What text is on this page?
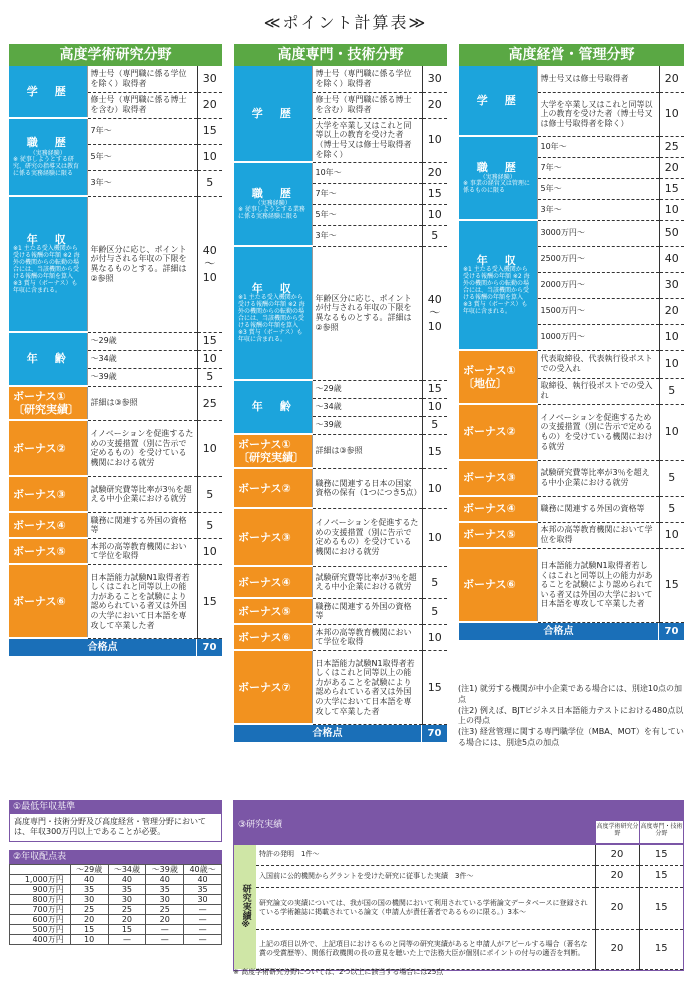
≪ポイント計算表≫
高度学術研究分野
学　歴	博士号（専門職に係る学位を除く）取得者	30
	修士号（専門職に係る博士を含む）取得者	20

職　歴
（実務経験）
※ 従事しようとする研究、研究の指導又は教育に係る実務経験に限る	7年〜	15
	5年〜	10
	3年〜	5

年　収
※1 主たる受入機関から受ける報酬の年額 ※2 海外の機関からの転勤の場合には、当該機関から受ける報酬の年額を算入 ※3 賞与（ボーナス）も年収に含まれる。	年齢区分に応じ、ポイントが付与される年収の下限を異なるものとする。詳細は②参照	40
〜
10

年　齢	〜29歳	15
	〜34歳	10
	〜39歳	5

ボーナス①
〔研究実績〕	詳細は③参照	25

ボーナス②	イノベーションを促進するための支援措置（別に告示で定めるもの）を受けている機関における就労	10

ボーナス③	試験研究費等比率が3％を超える中小企業における就労	5

ボーナス④	職務に関連する外国の資格等	5

ボーナス⑤	本邦の高等教育機関において学位を取得	10

ボーナス⑥	日本語能力試験N1取得者若しくはこれと同等以上の能力があることを試験により認められている者又は外国の大学において日本語を専攻して卒業した者	15
合格点	70
高度専門・技術分野
学　歴	博士号（専門職に係る学位を除く）取得者	30
	修士号（専門職に係る博士を含む）取得者	20
	大学を卒業し又はこれと同等以上の教育を受けた者（博士号又は修士号取得者を除く）	10

職　歴
（実務経験）
※ 従事しようとする業務に係る実務経験に限る	10年〜	20
	7年〜	15
	5年〜	10
	3年〜	5

年　収
※1 主たる受入機関から受ける報酬の年額 ※2 海外の機関からの転勤の場合には、当該機関から受ける報酬の年額を算入 ※3 賞与（ボーナス）も年収に含まれる。	年齢区分に応じ、ポイントが付与される年収の下限を異なるものとする。詳細は②参照	40
〜
10

年　齢	〜29歳	15
	〜34歳	10
	〜39歳	5

ボーナス①
〔研究実績〕	詳細は③参照	15

ボーナス②	職務に関連する日本の国家資格の保有（1つにつき5点）	10

ボーナス③	イノベーションを促進するための支援措置（別に告示で定めるもの）を受けている機関における就労	10

ボーナス④	試験研究費等比率が3％を超える中小企業における就労	5

ボーナス⑤	職務に関連する外国の資格等	5

ボーナス⑥	本邦の高等教育機関において学位を取得	10

ボーナス⑦	日本語能力試験N1取得者若しくはこれと同等以上の能力があることを試験により認められている者又は外国の大学において日本語を専攻して卒業した者	15
合格点	70
高度経営・管理分野
学　歴	博士号又は修士号取得者	20
	大学を卒業し又はこれと同等以上の教育を受けた者（博士号又は修士号取得者を除く）	10

職　歴
（実務経験）
※ 事業の経営又は管理に係るものに限る	10年〜	25
	7年〜	20
	5年〜	15
	3年〜	10

年　収
※1 主たる受入機関から受ける報酬の年額 ※2 海外の機関からの転勤の場合には、当該機関から受ける報酬の年額を算入 ※3 賞与（ボーナス）も年収に含まれる。	3000万円〜	50
	2500万円〜	40
	2000万円〜	30
	1500万円〜	20
	1000万円〜	10

ボーナス①
〔地位〕	代表取締役、代表執行役ポストでの受入れ	10
	取締役、執行役ポストでの受入れ	5

ボーナス②	イノベーションを促進するための支援措置（別に告示で定めるもの）を受けている機関における就労	10

ボーナス③	試験研究費等比率が3％を超える中小企業における就労	5

ボーナス④	職務に関連する外国の資格等	5

ボーナス⑤	本邦の高等教育機関において学位を取得	10

ボーナス⑥	日本語能力試験N1取得者若しくはこれと同等以上の能力があることを試験により認められている者又は外国の大学において日本語を専攻して卒業した者	15
合格点	70
(注1) 就労する機関が中小企業である場合には、別途10点の加点
(注2) 例えば、BJTビジネス日本語能力テストにおける480点以上の得点
(注3) 経営管理に関する専門職学位（MBA、MOT）を有している場合には、別途5点の加点
①最低年収基準
高度専門・技術分野及び高度経営・管理分野においては、年収300万円以上であることが必要。
②年収配点表
	〜29歳	〜34歳	〜39歳	40歳〜
1,000万円	40	40	40	40
900万円	35	35	35	35
800万円	30	30	30	30
700万円	25	25	25	—
600万円	20	20	20	—
500万円	15	15	—	—
400万円	10	—	—	—
③研究実績	高度学術研究分野
高度専門・技術分野
研究実績※	特許の発明　1件〜	20	15
	入国前に公的機関からグラントを受けた研究に従事した実績　3件〜	20	15
	研究論文の実績については、我が国の国の機関において利用されている学術論文データベースに登録されている学術雑誌に掲載されている論文（申請人が責任著者であるものに限る。）3本〜	20	15
	上記の項目以外で、上記項目におけるものと同等の研究実績があると申請人がアピールする場合（著名な賞の受賞歴等）、関係行政機関の長の意見を聴いた上で法務大臣が個別にポイントの付与の適否を判断。	20	15
※ 高度学術研究分野については、2つ以上に該当する場合には25点
